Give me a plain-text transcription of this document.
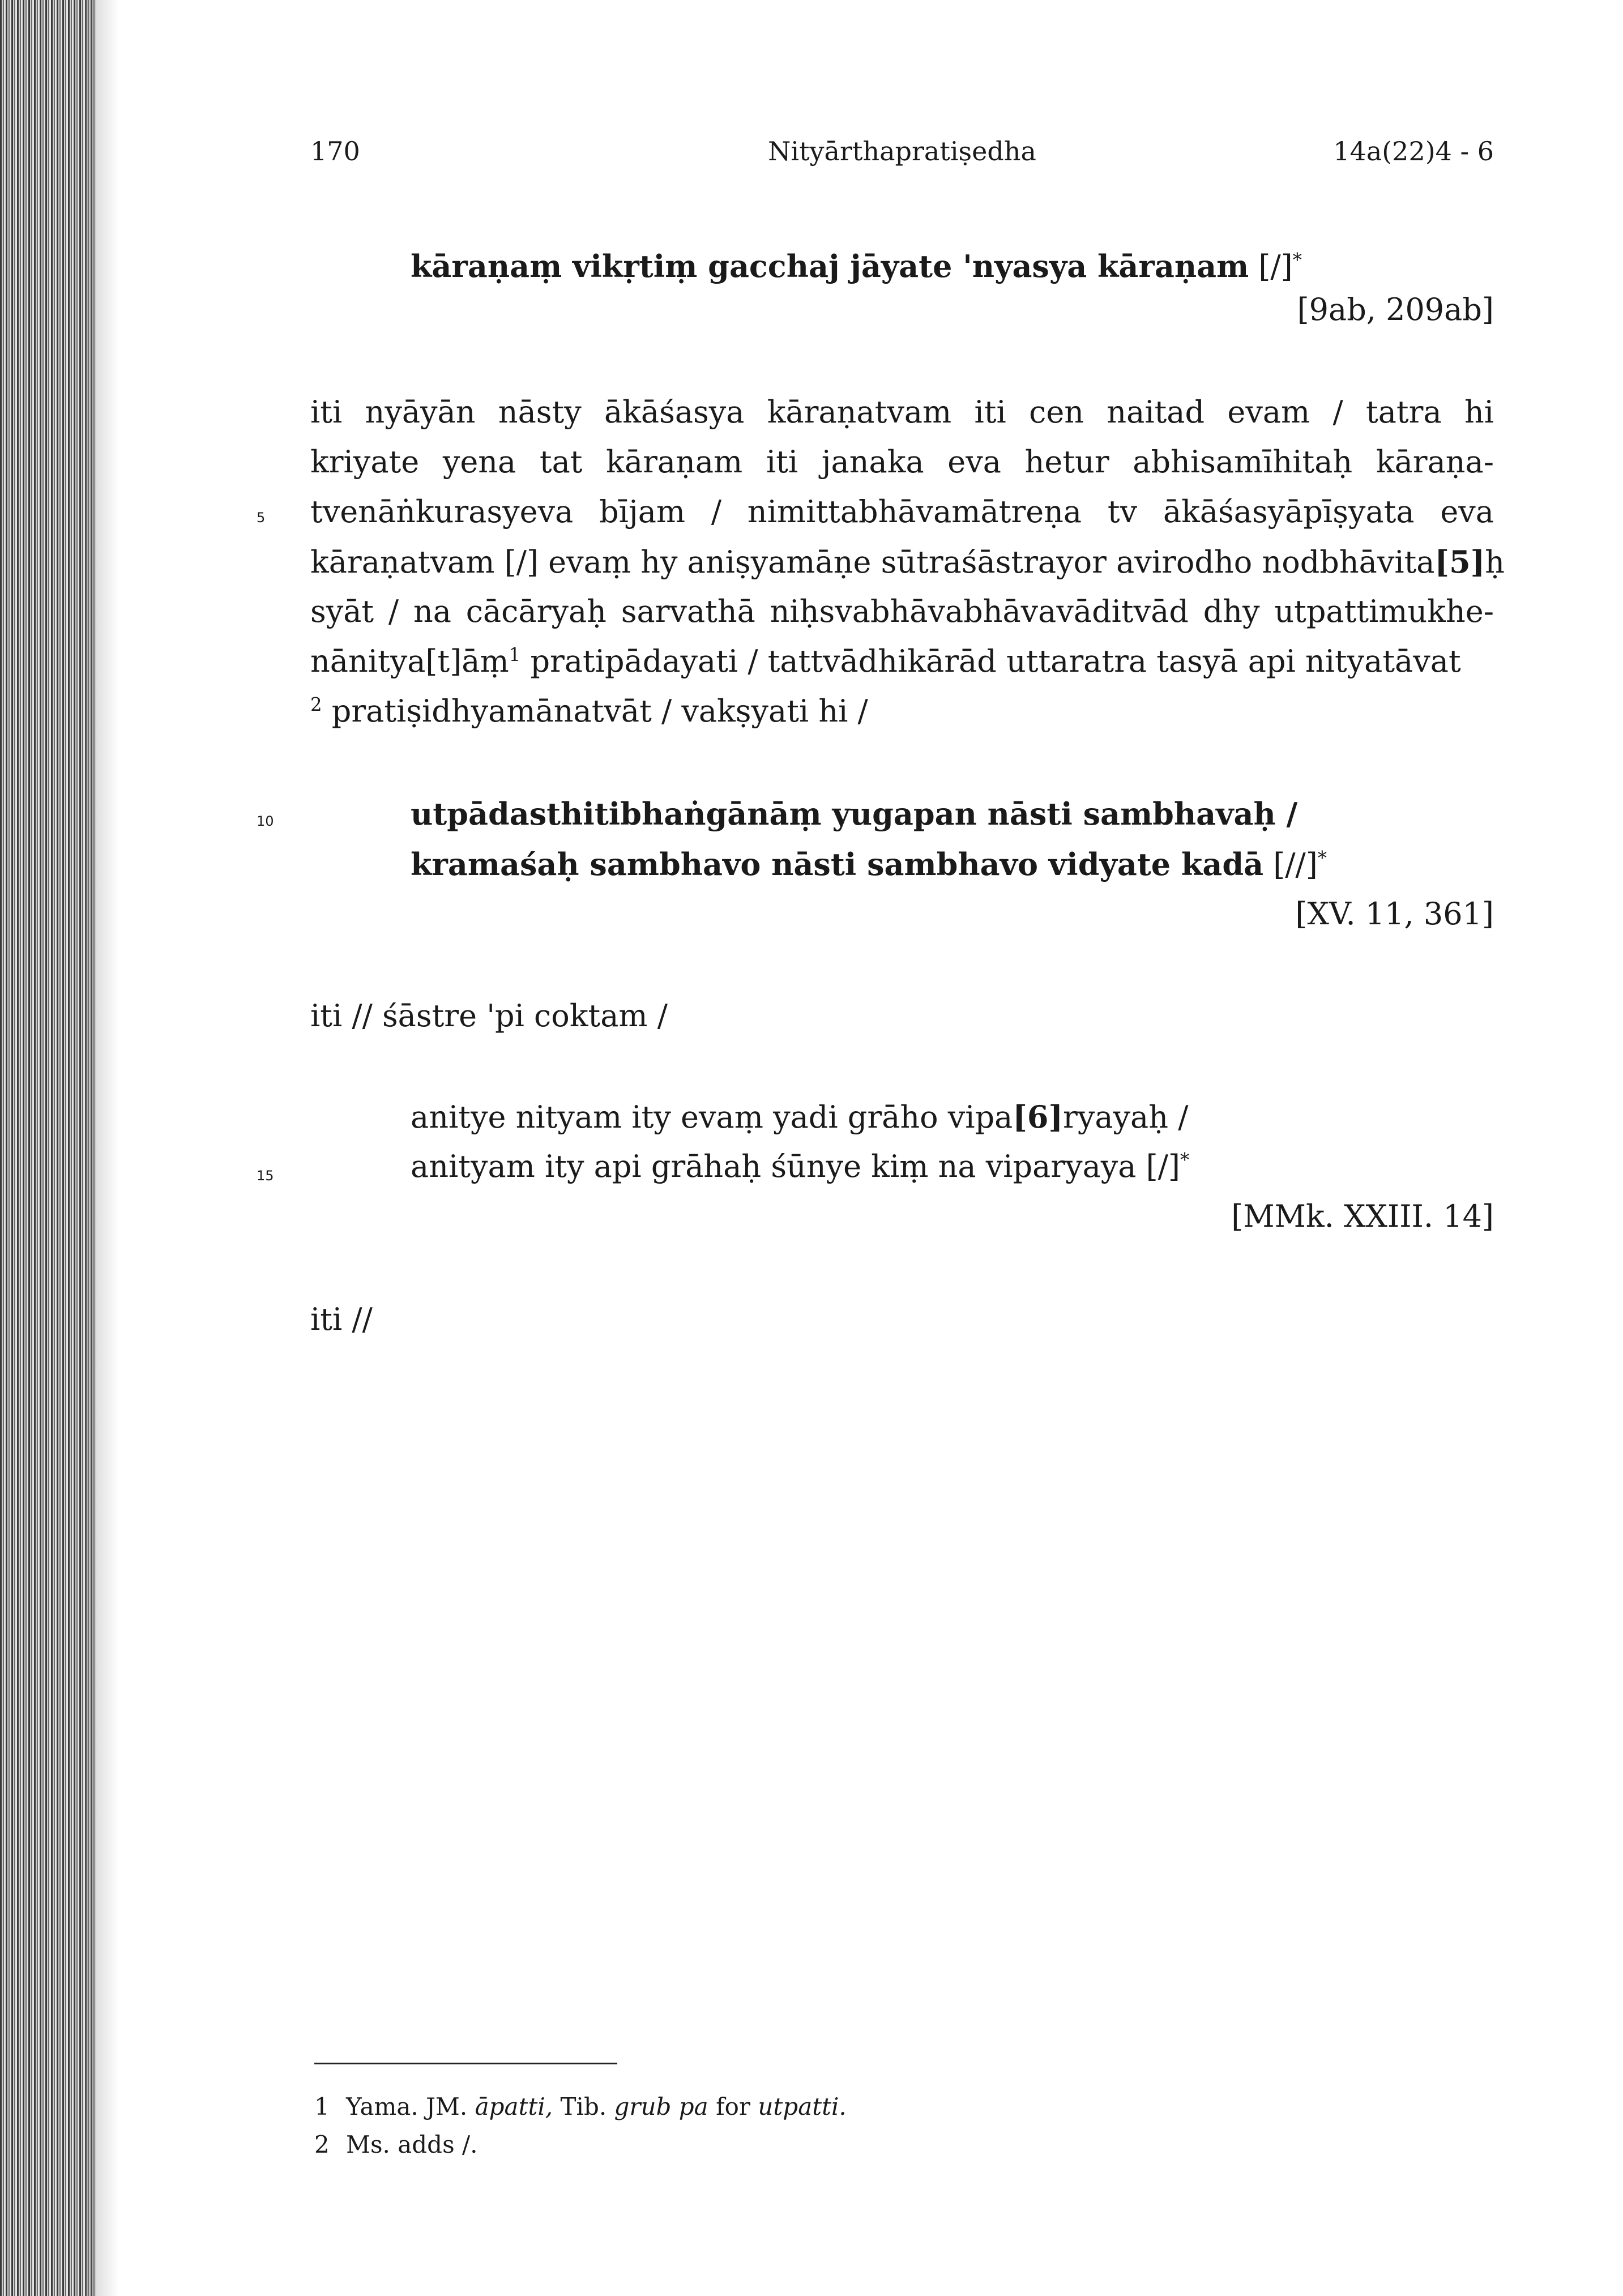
170	Nityārthapratiṣedha	14a(22)4 - 6
kāraṇaṃ vikṛtiṃ gacchaj jāyate 'nyasya kāraṇam [/]*
[9ab, 209ab]
iti nyāyān nāsty ākāśasya kāraṇatvam iti cen naitad evam / tatra hi
kriyate yena tat kāraṇam iti janaka eva hetur abhisamīhitaḥ kāraṇa-
tvenāṅkurasyeva bījam / nimittabhāvamātreṇa tv ākāśasyāpīṣyata eva
kāraṇatvam [/] evaṃ hy aniṣyamāṇe sūtraśāstrayor avirodho nodbhāvita[5]ḥ
syāt / na cācāryaḥ sarvathā niḥsvabhāvabhāvavāditvād dhy utpattimukhe-
nānitya[t]āṃ$^1$ pratipādayati / tattvādhikārād uttaratra tasyā api nityatāvat
$^2$ pratiṣidhyamānatvāt / vakṣyati hi /
5
utpādasthitibhaṅgānāṃ yugapan nāsti sambhavaḥ /
kramaśaḥ sambhavo nāsti sambhavo vidyate kadā [//]*
[XV. 11, 361]
10
iti // śāstre 'pi coktam /
anitye nityam ity evaṃ yadi grāho vipa[6]ryayaḥ /
anityam ity api grāhaḥ śūnye kiṃ na viparyaya [/]*
[MMk. XXIII. 14]
15
iti //
1 Yama. JM. āpatti, Tib. grub pa for utpatti.
2 Ms. adds /.
